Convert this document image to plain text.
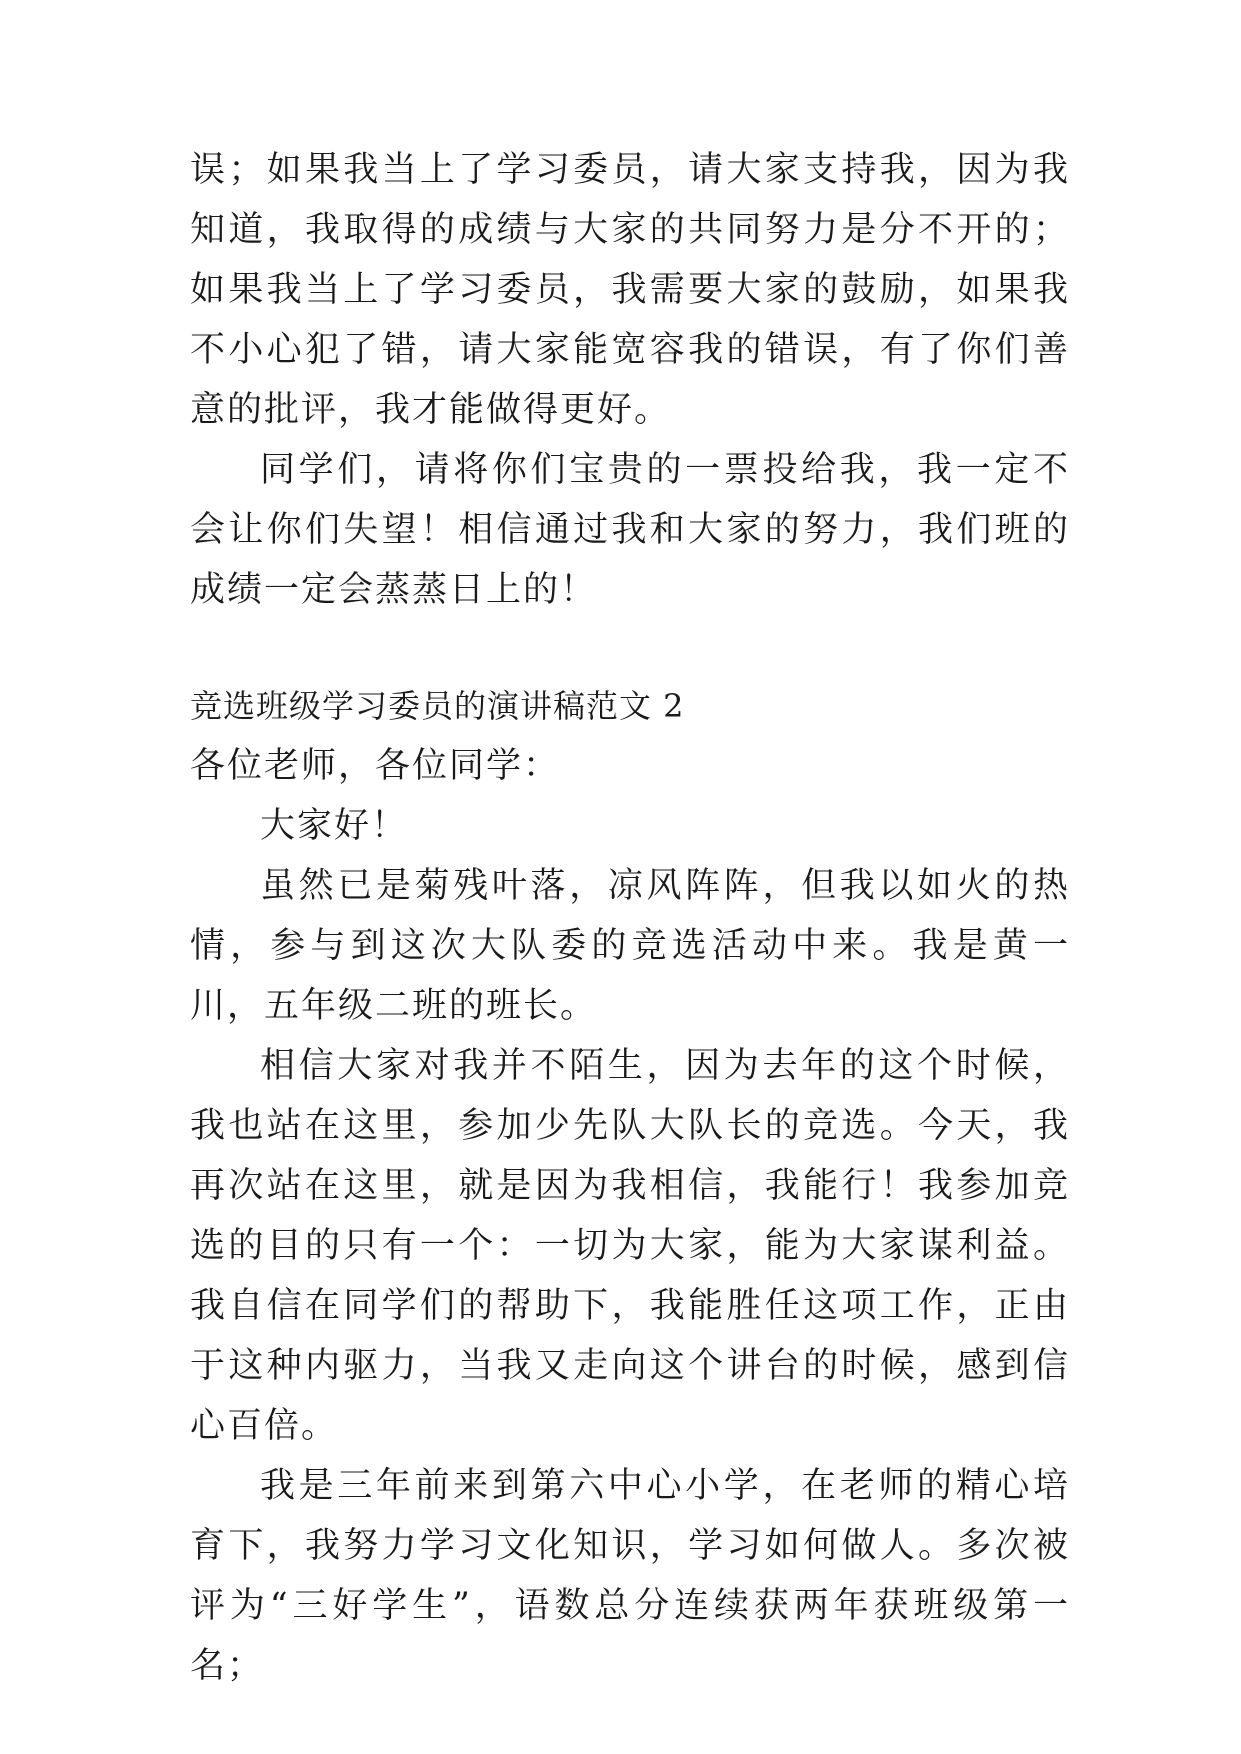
误；如果我当上了学习委员，请大家支持我，因为我知道，我取得的成绩与大家的共同努力是分不开的；如果我当上了学习委员，我需要大家的鼓励，如果我不小心犯了错，请大家能宽容我的错误，有了你们善意的批评，我才能做得更好。

同学们，请将你们宝贵的一票投给我，我一定不会让你们失望！相信通过我和大家的努力，我们班的成绩一定会蒸蒸日上的！

竞选班级学习委员的演讲稿范文 2

各位老师，各位同学：

大家好！

虽然已是菊残叶落，凉风阵阵，但我以如火的热情，参与到这次大队委的竞选活动中来。我是黄一川，五年级二班的班长。

相信大家对我并不陌生，因为去年的这个时候，我也站在这里，参加少先队大队长的竞选。今天，我再次站在这里，就是因为我相信，我能行！我参加竞选的目的只有一个：一切为大家，能为大家谋利益。我自信在同学们的帮助下，我能胜任这项工作，正由于这种内驱力，当我又走向这个讲台的时候，感到信心百倍。

我是三年前来到第六中心小学，在老师的精心培育下，我努力学习文化知识，学习如何做人。多次被评为“三好学生”，语数总分连续获两年获班级第一名；
